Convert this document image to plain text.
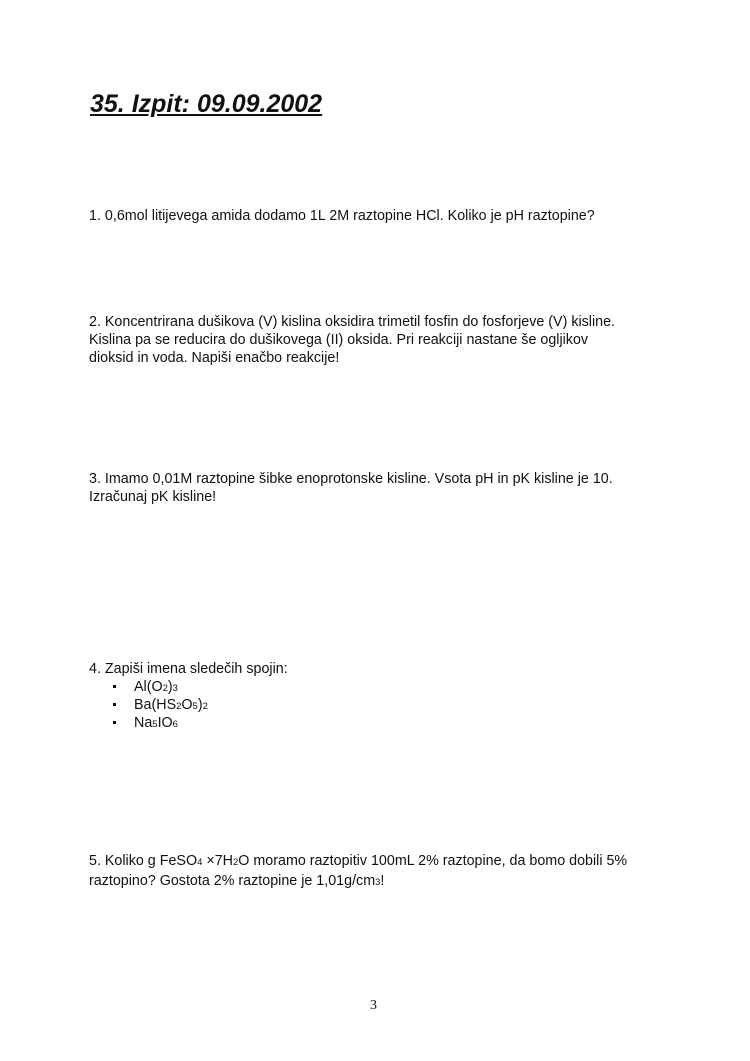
35. Izpit: 09.09.2002
1. 0,6mol litijevega amida dodamo 1L 2M raztopine HCl. Koliko je pH raztopine?
2. Koncentrirana dušikova (V) kislina oksidira trimetil fosfin do fosforjeve (V) kisline.
Kislina pa se reducira do dušikovega (II) oksida. Pri reakciji nastane še ogljikov
dioksid in voda. Napiši enačbo reakcije!
3. Imamo 0,01M raztopine šibke enoprotonske kisline. Vsota pH in pK kisline je 10.
Izračunaj pK kisline!
4. Zapiši imena sledečih spojin:
Al(O2)3
Ba(HS2O5)2
Na5IO6
5. Koliko g FeSO4 ×7H2O moramo raztopitiv 100mL 2% raztopine, da bomo dobili 5%
raztopino? Gostota 2% raztopine je 1,01g/cm3!
3
